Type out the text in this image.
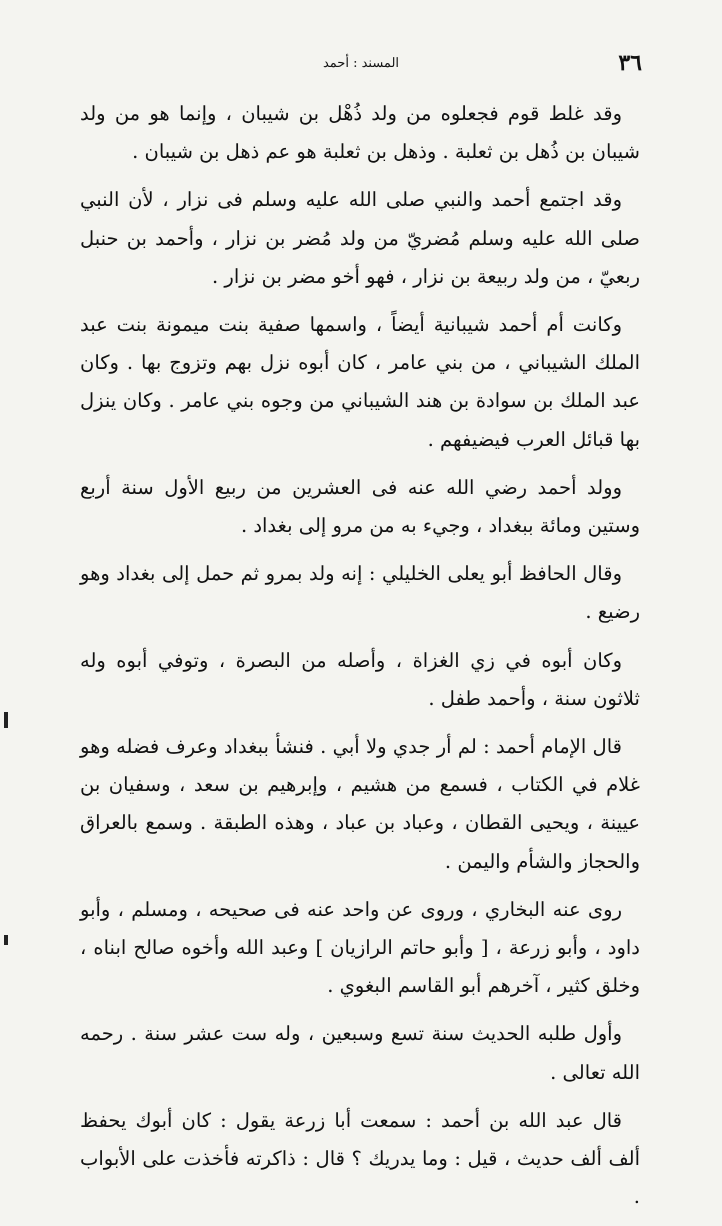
٣٦
المسند : أحمد

وقد غلط قوم فجعلوه من ولد ذُهْل بن شيبان ، وإنما هو من ولد شيبان بن ذُهل بن ثعلبة . وذهل بن ثعلبة هو عم ذهل بن شيبان .

وقد اجتمع أحمد والنبي صلى الله عليه وسلم فى نزار ، لأن النبي صلى الله عليه وسلم مُضريّ من ولد مُضر بن نزار ، وأحمد بن حنبل ربعيّ ، من ولد ربيعة بن نزار ، فهو أخو مضر بن نزار .

وكانت أم أحمد شيبانية أيضاً ، واسمها صفية بنت ميمونة بنت عبد الملك الشيباني ، من بني عامر ، كان أبوه نزل بهم وتزوج بها . وكان عبد الملك بن سوادة بن هند الشيباني من وجوه بني عامر . وكان ينزل بها قبائل العرب فيضيفهم .

وولد أحمد رضي الله عنه فى العشرين من ربيع الأول سنة أربع وستين ومائة ببغداد ، وجيء به من مرو إلى بغداد .

وقال الحافظ أبو يعلى الخليلي : إنه ولد بمرو ثم حمل إلى بغداد وهو رضيع .

وكان أبوه في زي الغزاة ، وأصله من البصرة ، وتوفي أبوه وله ثلاثون سنة ، وأحمد طفل .

قال الإمام أحمد : لم أر جدي ولا أبي . فنشأ ببغداد وعرف فضله وهو غلام في الكتاب ، فسمع من هشيم ، وإبرهيم بن سعد ، وسفيان بن عيينة ، ويحيى القطان ، وعباد بن عباد ، وهذه الطبقة . وسمع بالعراق والحجاز والشأم واليمن .

روى عنه البخاري ، وروى عن واحد عنه فى صحيحه ، ومسلم ، وأبو داود ، وأبو زرعة ، [ وأبو حاتم الرازيان ] وعبد الله وأخوه صالح ابناه ، وخلق كثير ، آخرهم أبو القاسم البغوي .

وأول طلبه الحديث سنة تسع وسبعين ، وله ست عشر سنة . رحمه الله تعالى .

قال عبد الله بن أحمد : سمعت أبا زرعة يقول : كان أبوك يحفظ ألف ألف حديث ، قيل : وما يدريك ؟ قال : ذاكرته فأخذت على الأبواب .
